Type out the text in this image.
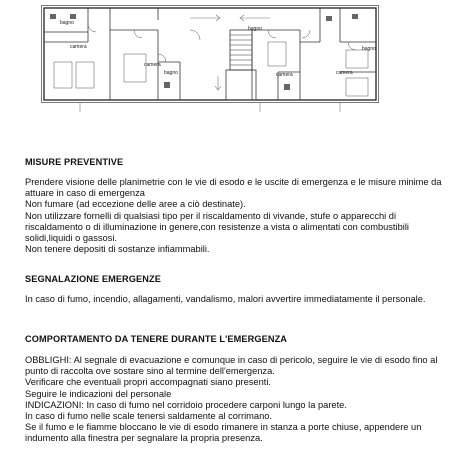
bagno
camera
camera
bagno
bagno
camera	camera
bagno
MISURE PREVENTIVE

Prendere visione delle planimetrie con le vie di esodo e le uscite di emergenza e le misure minime da attuare in caso di emergenza
Non fumare (ad eccezione delle aree a ciò destinate).
Non utilizzare fornelli di qualsiasi tipo per il riscaldamento di vivande, stufe o apparecchi di riscaldamento o di illuminazione in genere,con resistenze a vista o alimentati con combustibili solidi,liquidi o gassosi.
Non tenere depositi di sostanze infiammabili.

SEGNALAZIONE EMERGENZE

In caso di fumo, incendio, allagamenti, vandalismo, malori avvertire immediatamente il personale.

COMPORTAMENTO DA TENERE DURANTE L'EMERGENZA

OBBLIGHI: Al segnale di evacuazione e comunque in caso di pericolo, seguire le vie di esodo fino al punto di raccolta ove sostare sino al termine dell'emergenza.
Verificare che eventuali propri accompagnati siano presenti.
Seguire le indicazioni del personale
INDICAZIONI: In caso di fumo nel corridoio procedere carponi lungo la parete.
In caso di fumo nelle scale tenersi saldamente al corrimano.
Se il fumo e le fiamme bloccano le vie di esodo rimanere in stanza a porte chiuse, appendere un indumento alla finestra per segnalare la propria presenza.
